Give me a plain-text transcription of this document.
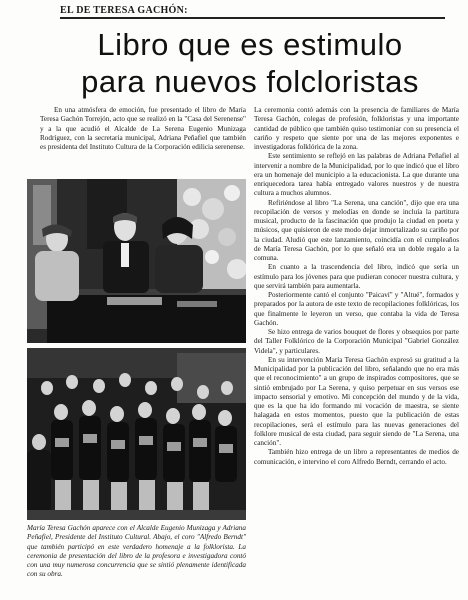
EL DE TERESA GACHÓN:
Libro que es estimulo
para nuevos folcloristas

En una atmósfera de emoción, fue presentado el libro de María Teresa Gachón Torrejón, acto que se realizó en la "Casa del Serenense" y a la que acudió el Alcalde de La Serena Eugenio Munizaga Rodríguez, con la secretaria municipal, Adriana Peñafiel que también es presidenta del Instituto Cultura de la Corporación edilicia serenense.

María Teresa Gachón aparece con el Alcalde Eugenio Munizaga y Adriana Peñafiel, Presidente del Instituto Cultural. Abajo, el coro "Alfredo Berndt" que también participó en este verdadero homenaje a la folklorista. La ceremonia de presentación del libro de la profesora e investigadora contó con una muy numerosa concurrencia que se sintió plenamente identificada con su obra.

La ceremonia contó además con la presencia de familiares de María Teresa Gachón, colegas de profesión, folkloristas y una importante cantidad de público que también quiso testimoniar con su presencia el cariño y respeto que siente por una de las mejores exponentes e investigadoras folklórica de la zona.

Este sentimiento se reflejó en las palabras de Adriana Peñafiel al intervenir a nombre de la Municipalidad, por lo que indicó que el libro era un homenaje del municipio a la educacionista. La que durante una enriquecedora tarea había entregado valores nuestros y de nuestra cultura a muchos alumnos.

Refiriéndose al libro "La Serena, una canción", dijo que era una recopilación de versos y melodías en donde se incluía la partitura musical, producto de la fascinación que produjo la ciudad en poeta y músicos, que quisieron de este modo dejar inmortalizado su cariño por la ciudad. Aludió que este lanzamiento, coincidía con el cumpleaños de María Teresa Gachón, por lo que señaló era un doble regalo a la comuna.

En cuanto a la trascendencia del libro, indicó que sería un estímulo para los jóvenes para que pudieran conocer nuestra cultura, y que servirá también para aumentarla.

Posteriormente cantó el conjunto "Paicaví" y "Altué", formados y preparados por la autora de este texto de recopilaciones folklóricas, los que finalmente le leyeron un verso, que contaba la vida de Teresa Gachón.

Se hizo entrega de varios bouquet de flores y obsequios por parte del Taller Folklórico de la Corporación Municipal "Gabriel González Videla", y particulares.

En su intervención María Teresa Gachón expresó su gratitud a la Municipalidad por la publicación del libro, señalando que no era más que el reconocimiento" a un grupo de inspirados compositores, que se sintió embrujado por La Serena, y quiso perpetuar en sus versos ese impacto sensorial y emotivo. Mi concepción del mundo y de la vida, que es la que ha ido formando mi vocación de maestra, se siente halagada en estos momentos, puesto que la publicación de estas recopilaciones, será el estímulo para las nuevas generaciones del folklore musical de esta ciudad, para seguir siendo de "La Serena, una canción".

También hizo entrega de un libro a representantes de medios de comunicación, e intervino el coro Alfredo Berndt, cerrando el acto.
